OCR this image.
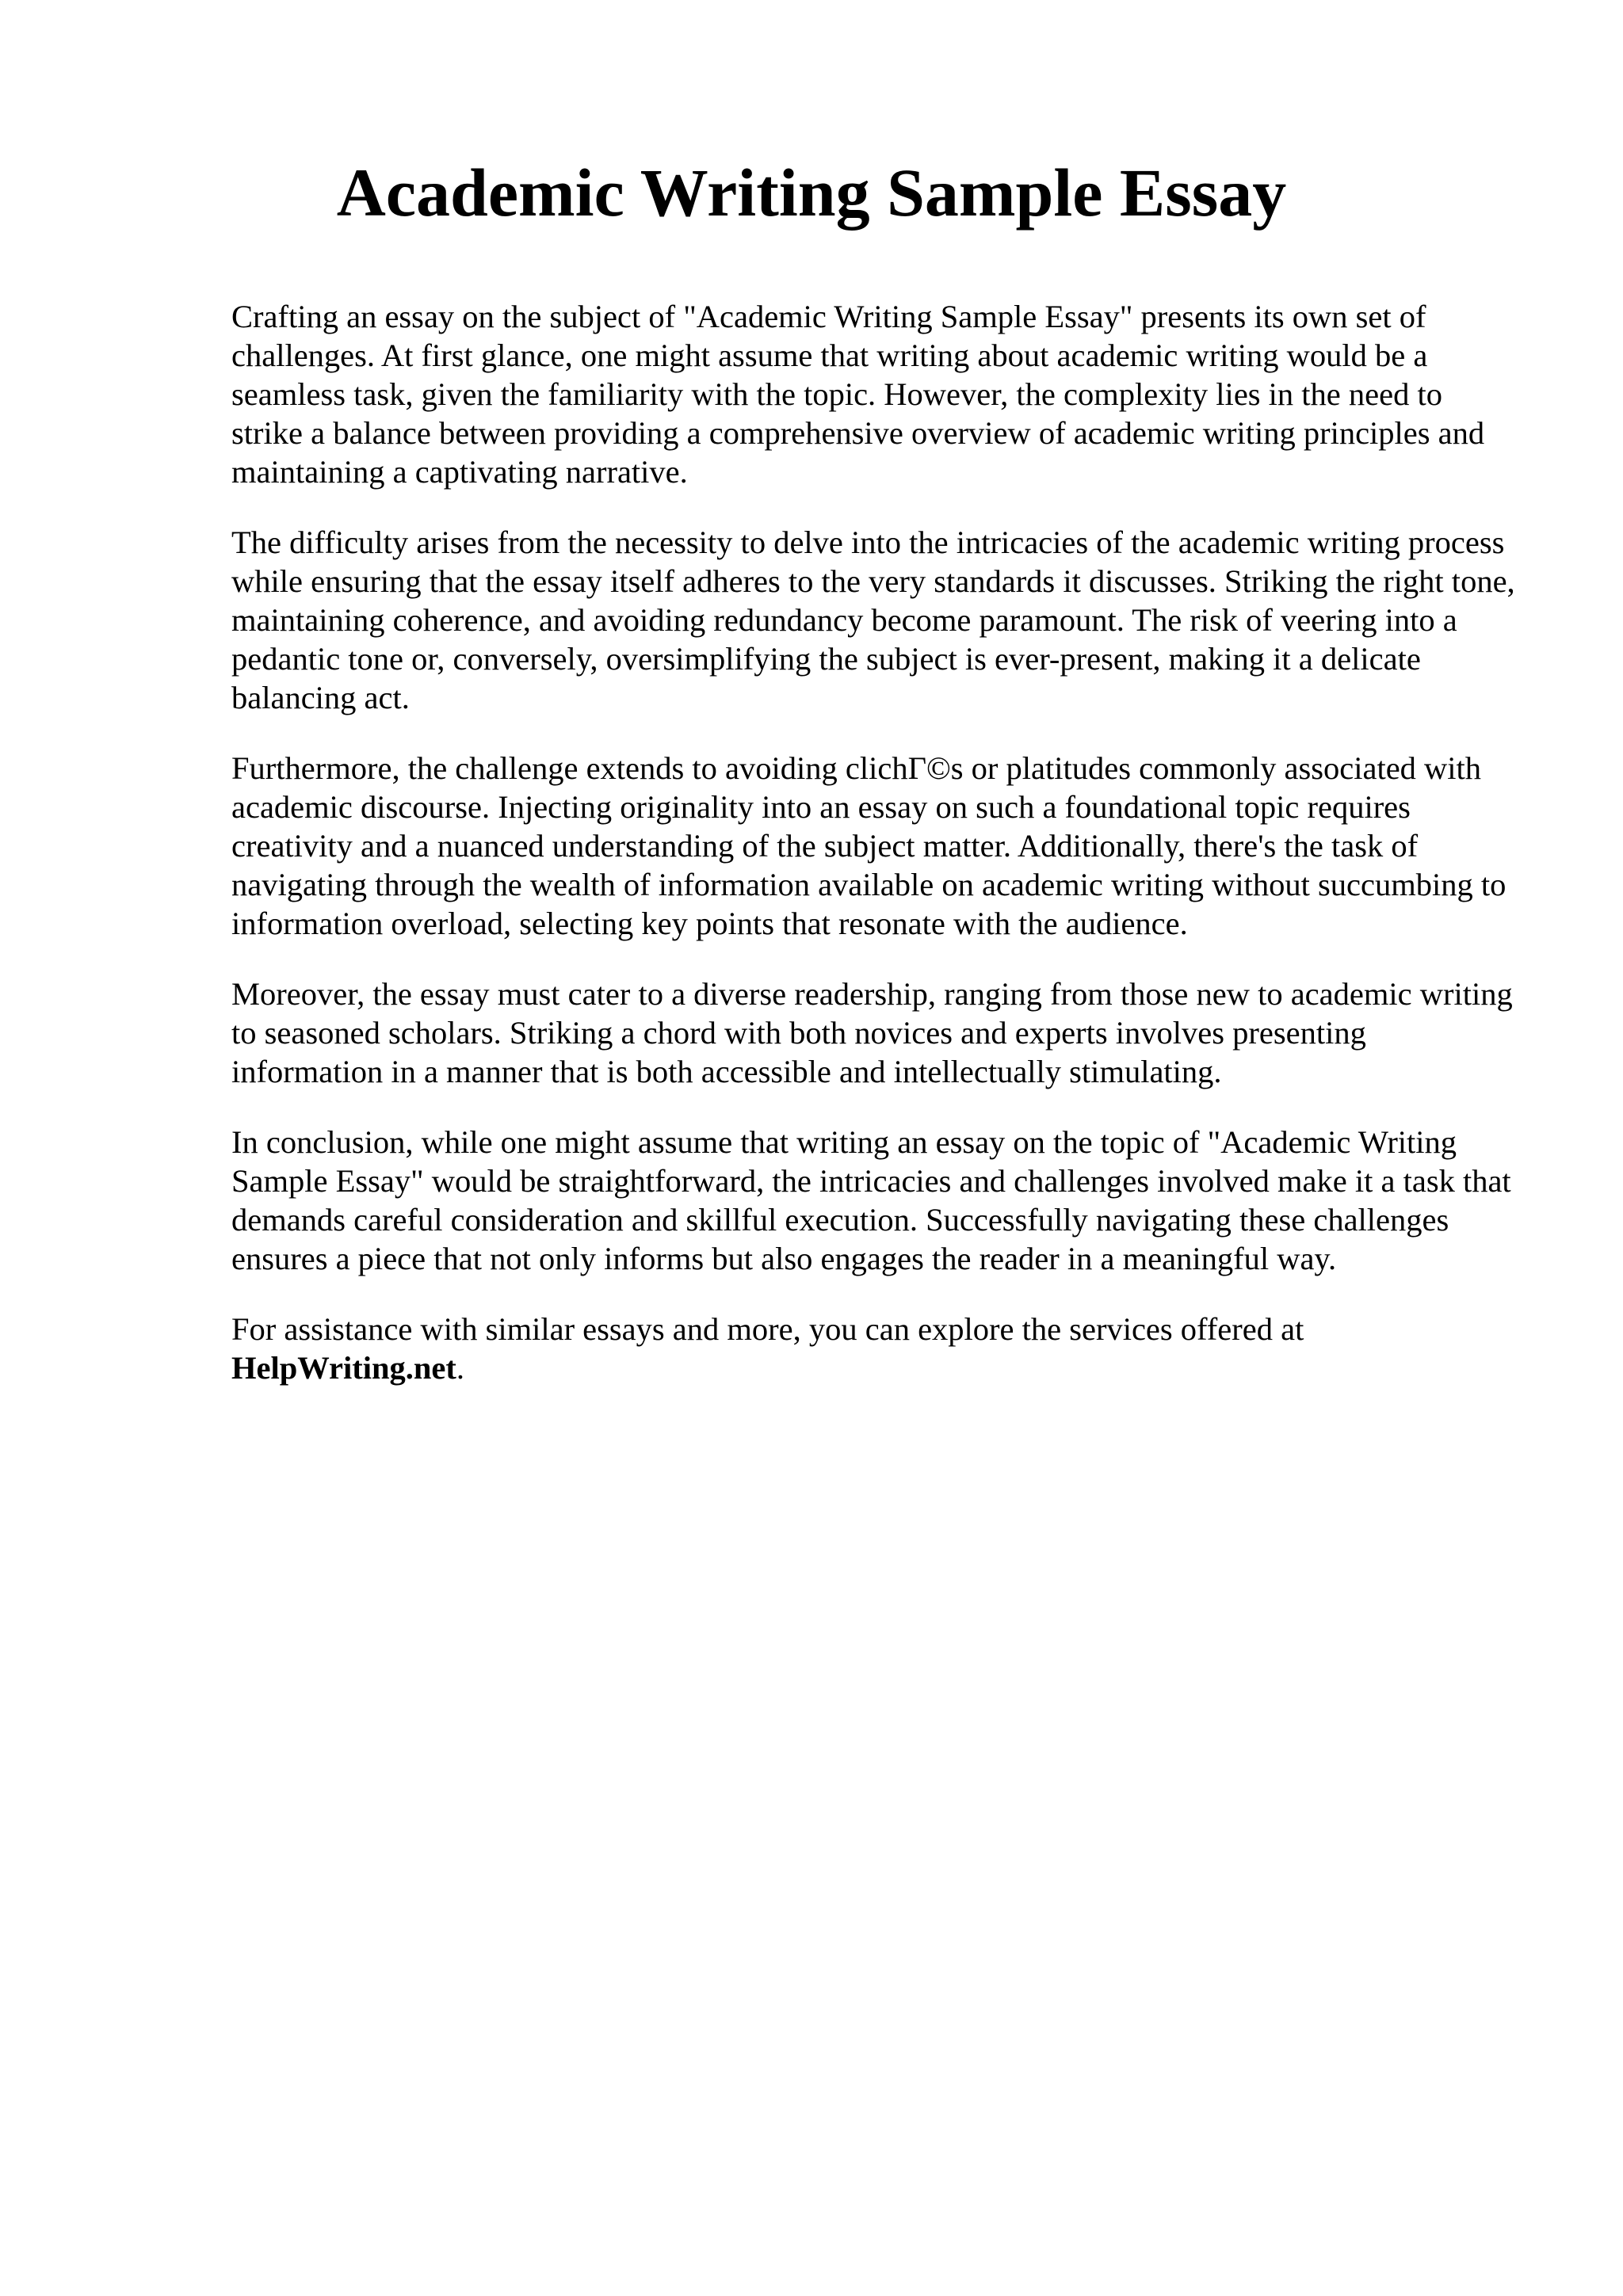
Academic Writing Sample Essay

Crafting an essay on the subject of "Academic Writing Sample Essay" presents its own set of challenges. At first glance, one might assume that writing about academic writing would be a seamless task, given the familiarity with the topic. However, the complexity lies in the need to strike a balance between providing a comprehensive overview of academic writing principles and maintaining a captivating narrative.

The difficulty arises from the necessity to delve into the intricacies of the academic writing process while ensuring that the essay itself adheres to the very standards it discusses. Striking the right tone, maintaining coherence, and avoiding redundancy become paramount. The risk of veering into a pedantic tone or, conversely, oversimplifying the subject is ever-present, making it a delicate balancing act.

Furthermore, the challenge extends to avoiding clichГ©s or platitudes commonly associated with academic discourse. Injecting originality into an essay on such a foundational topic requires creativity and a nuanced understanding of the subject matter. Additionally, there's the task of navigating through the wealth of information available on academic writing without succumbing to information overload, selecting key points that resonate with the audience.

Moreover, the essay must cater to a diverse readership, ranging from those new to academic writing to seasoned scholars. Striking a chord with both novices and experts involves presenting information in a manner that is both accessible and intellectually stimulating.

In conclusion, while one might assume that writing an essay on the topic of "Academic Writing Sample Essay" would be straightforward, the intricacies and challenges involved make it a task that demands careful consideration and skillful execution. Successfully navigating these challenges ensures a piece that not only informs but also engages the reader in a meaningful way.

For assistance with similar essays and more, you can explore the services offered at HelpWriting.net.
